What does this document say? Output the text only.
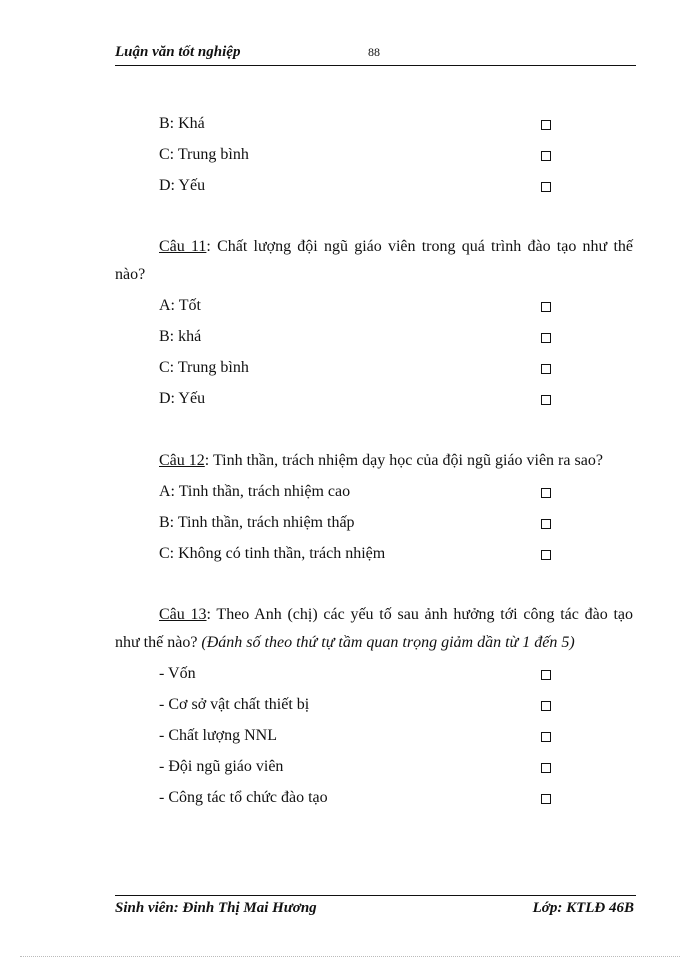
Luận văn tốt nghiệp	88
B: Khá
C: Trung bình
D: Yếu
Câu 11: Chất lượng đội ngũ giáo viên trong quá trình đào tạo như thế
nào?
A: Tốt
B: khá
C: Trung bình
D: Yếu
Câu 12: Tinh thần, trách nhiệm dạy học của đội ngũ giáo viên ra sao?
A: Tinh thần, trách nhiệm cao
B: Tinh thần, trách nhiệm thấp
C: Không có tinh thần, trách nhiệm
Câu 13: Theo Anh (chị) các yếu tố sau ảnh hưởng tới công tác đào tạo
như thế nào? (Đánh số theo thứ tự tầm quan trọng giảm dần từ 1 đến 5)
- Vốn
- Cơ sở vật chất thiết bị
- Chất lượng NNL
- Đội ngũ giáo viên
- Công tác tổ chức đào tạo
Sinh viên: Đinh Thị Mai Hương	Lớp: KTLĐ 46B
